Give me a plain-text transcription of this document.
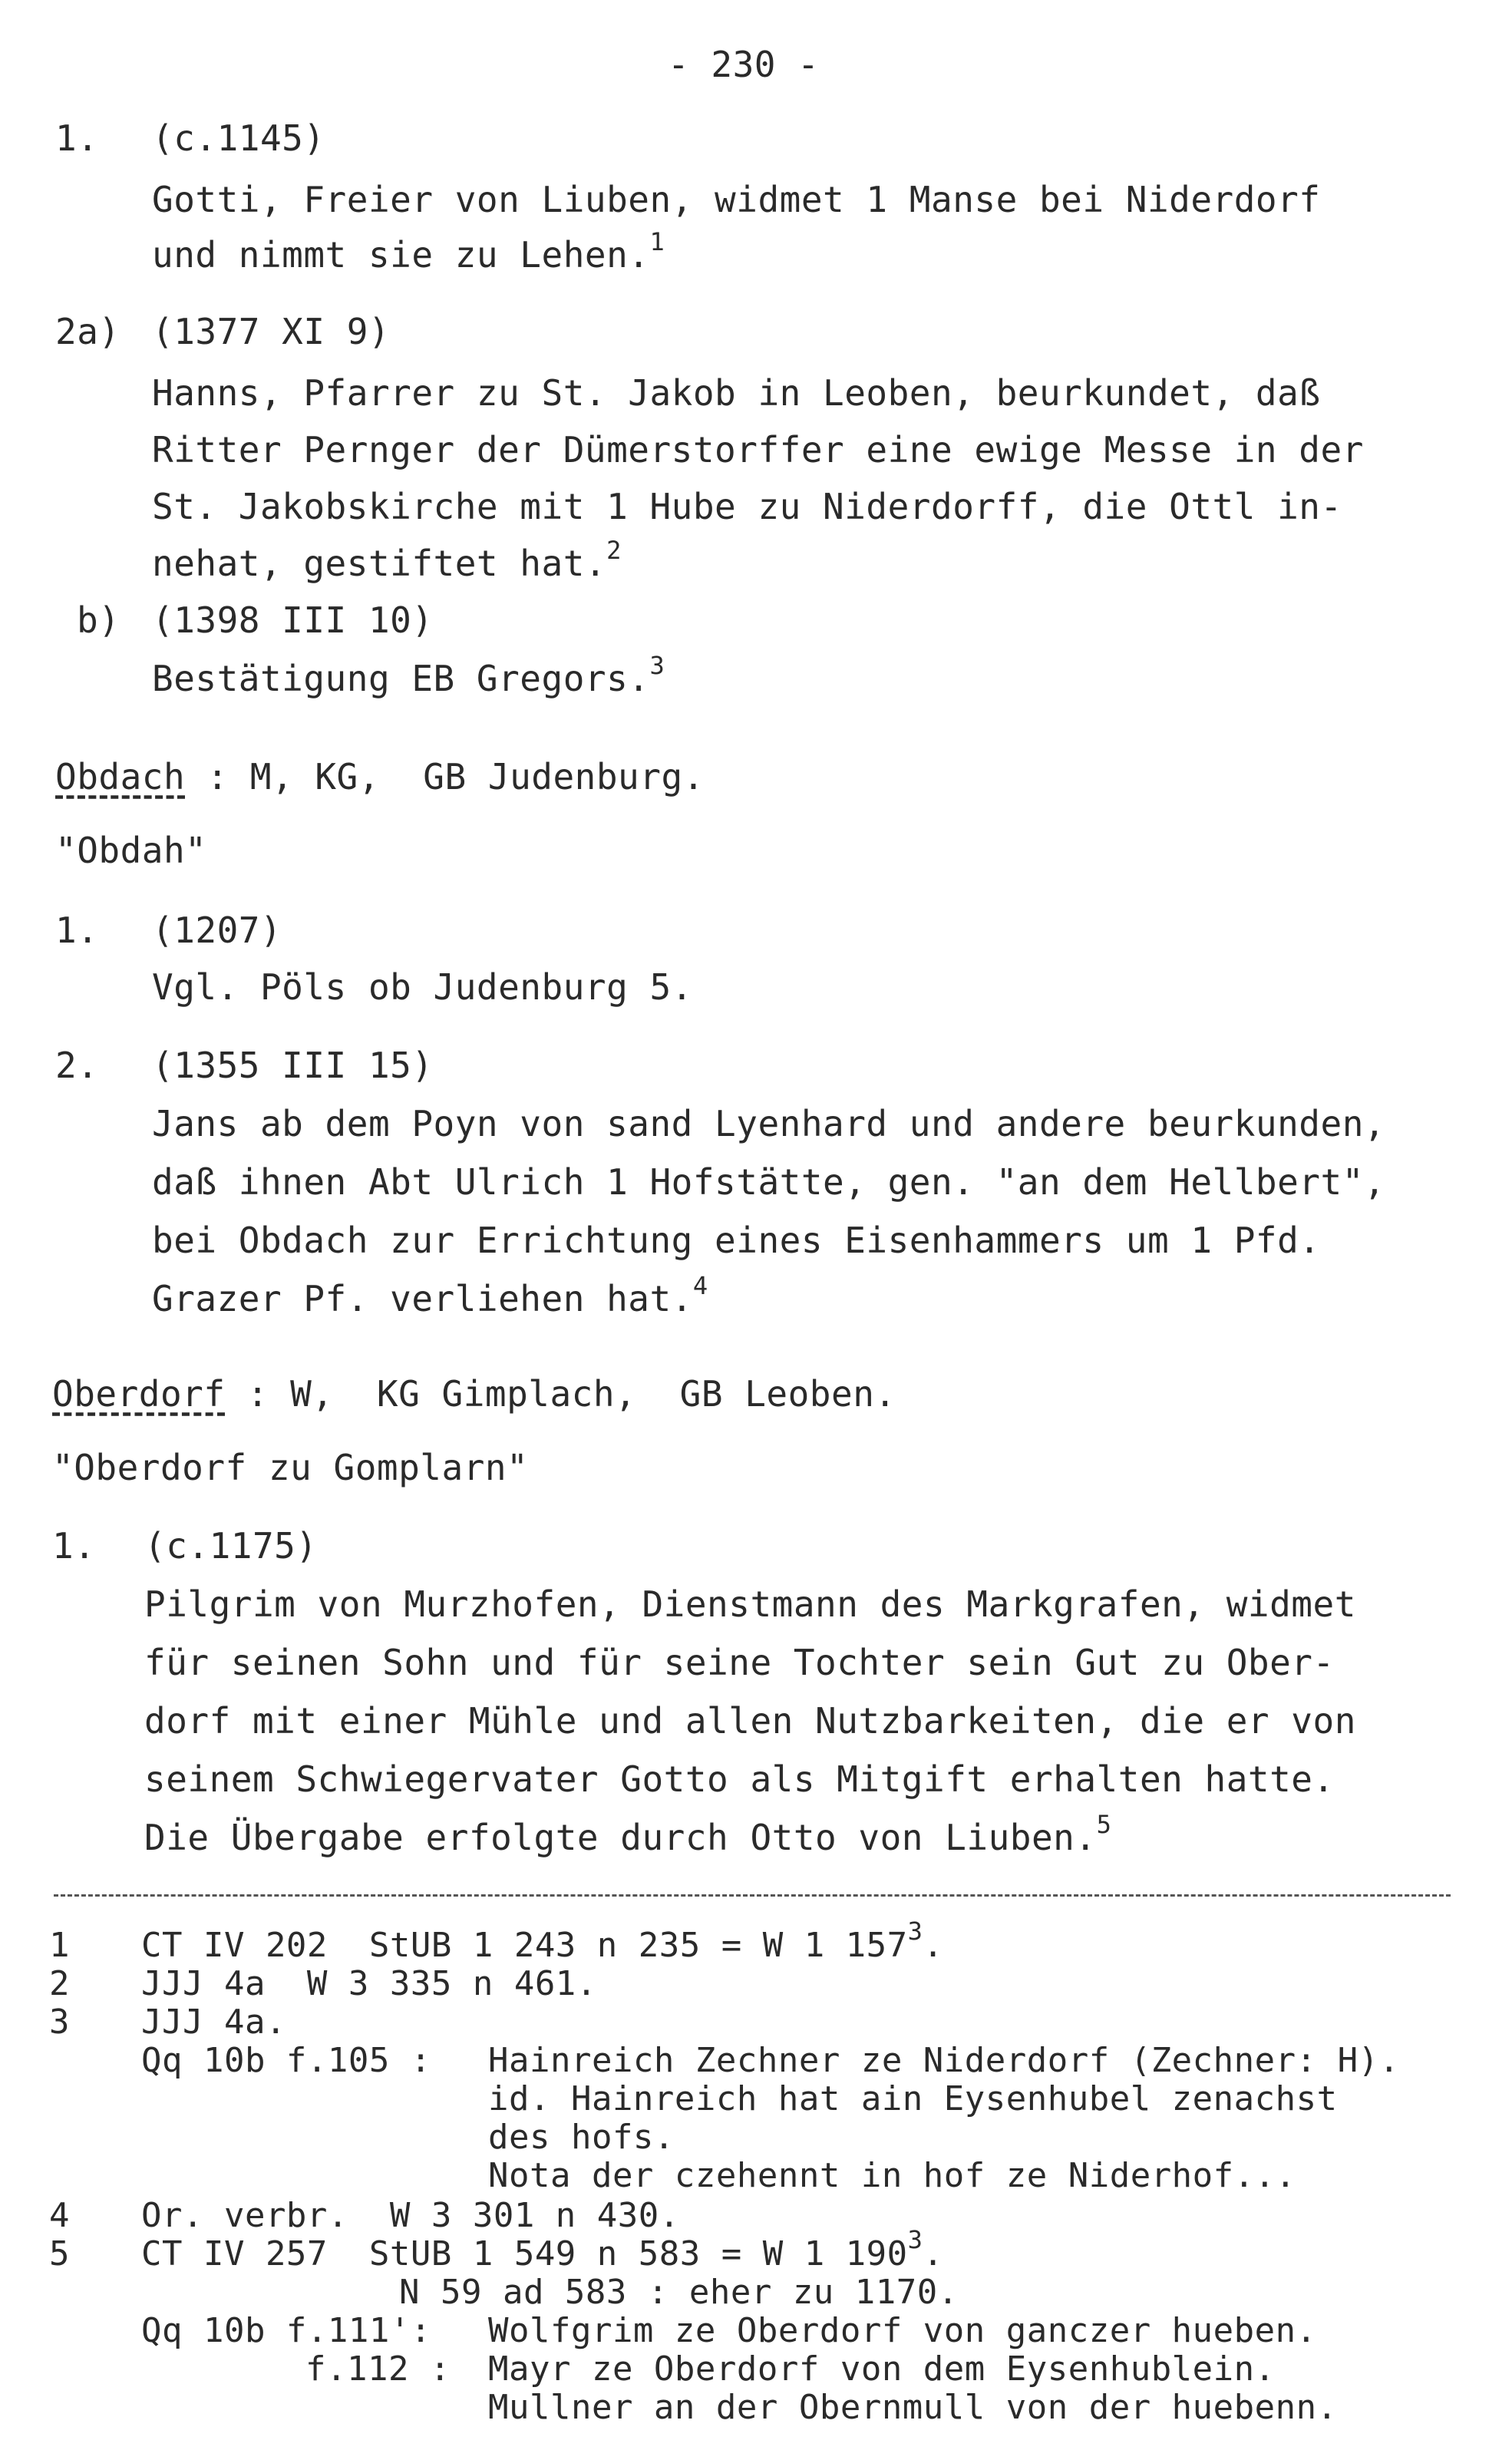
- 230 -
1. (c.1145)
Gotti, Freier von Liuben, widmet 1 Manse bei Niderdorf
und nimmt sie zu Lehen.$^1$
2a) (1377 XI 9)
Hanns, Pfarrer zu St. Jakob in Leoben, beurkundet, daß
Ritter Pernger der Dümerstorffer eine ewige Messe in der
St. Jakobskirche mit 1 Hube zu Niderdorff, die Ottl in-
nehat, gestiftet hat.$^2$
b) (1398 III 10)
Bestätigung EB Gregors.$^3$
Obdach : M, KG,  GB Judenburg.
"Obdah"
1. (1207)
Vgl. Pöls ob Judenburg 5.
2. (1355 III 15)
Jans ab dem Poyn von sand Lyenhard und andere beurkunden,
daß ihnen Abt Ulrich 1 Hofstätte, gen. "an dem Hellbert",
bei Obdach zur Errichtung eines Eisenhammers um 1 Pfd.
Grazer Pf. verliehen hat.$^4$
Oberdorf : W,  KG Gimplach,  GB Leoben.
"Oberdorf zu Gomplarn"
1. (c.1175)
Pilgrim von Murzhofen, Dienstmann des Markgrafen, widmet
für seinen Sohn und für seine Tochter sein Gut zu Ober-
dorf mit einer Mühle und allen Nutzbarkeiten, die er von
seinem Schwiegervater Gotto als Mitgift erhalten hatte.
Die Übergabe erfolgte durch Otto von Liuben.$^5$
1 CT IV 202  StUB 1 243 n 235 = W 1 $157^3$.
2 JJJ 4a  W 3 335 n 461.
3 JJJ 4a.
Qq 10b f.105 : Hainreich Zechner ze Niderdorf (Zechner: H).
id. Hainreich hat ain Eysenhubel zenachst
des hofs.
Nota der czehennt in hof ze Niderhof...
4 Or. verbr.  W 3 301 n 430.
5 CT IV 257  StUB 1 549 n 583 = W 1 $190^3$.
N 59 ad 583 : eher zu 1170.
Qq 10b f.111': Wolfgrim ze Oberdorf von ganczer hueben.
f.112 : Mayr ze Oberdorf von dem Eysenhublein.
Mullner an der Obernmull von der huebenn.
